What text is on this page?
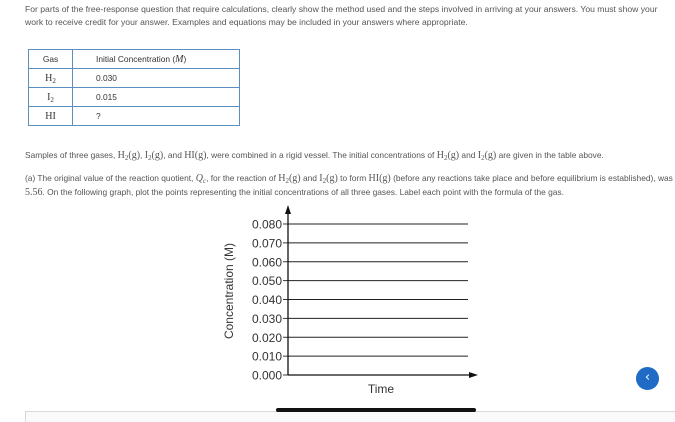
For parts of the free-response question that require calculations, clearly show the method used and the steps involved in arriving at your answers. You must show your work to receive credit for your answer. Examples and equations may be included in your answers where appropriate.
Gas	Initial Concentration (M)
$H_2$	0.030
$I_2$	0.015
HI	?
Samples of three gases, $H_2(g)$, $I_2(g)$, and HI(g), were combined in a rigid vessel. The initial concentrations of $H_2(g)$ and $I_2(g)$ are given in the table above.
(a) The original value of the reaction quotient, $Q_c$, for the reaction of $H_2(g)$ and $I_2(g)$ to form HI(g) (before any reactions take place and before equilibrium is established), was 5.56. On the following graph, plot the points representing the initial concentrations of all three gases. Label each point with the formula of the gas.
0.000
0.010
0.020
0.030
0.040
0.050
0.060
0.070
0.080
Concentration (M)
Time
‹
